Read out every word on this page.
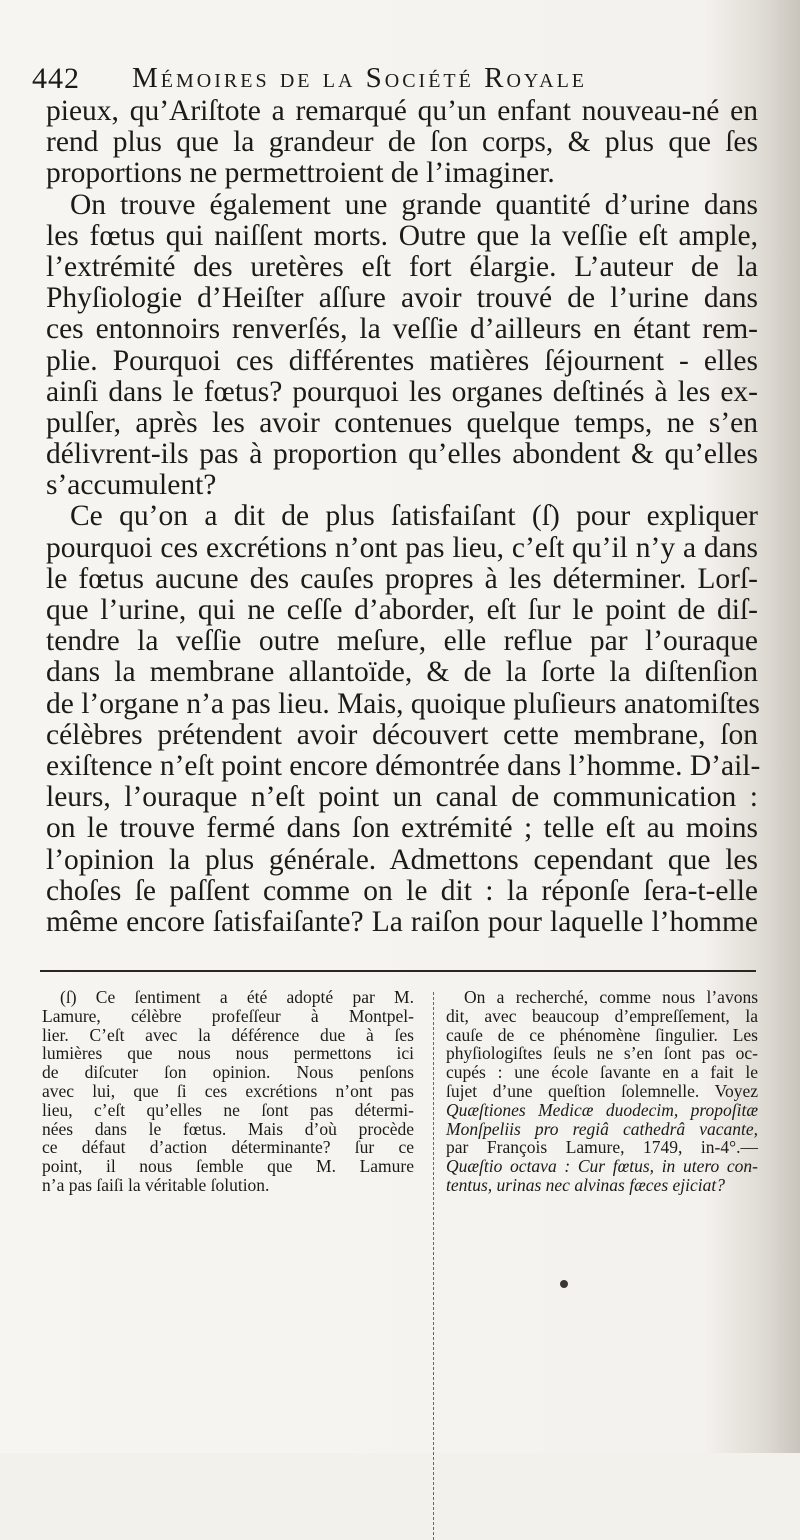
442 Mémoires de la Société Royale
pieux, qu’Ariſtote a remarqué qu’un enfant nouveau-né en
rend plus que la grandeur de ſon corps, & plus que ſes
proportions ne permettroient de l’imaginer.
On trouve également une grande quantité d’urine dans
les fœtus qui naiſſent morts. Outre que la veſſie eſt ample,
l’extrémité des uretères eſt fort élargie. L’auteur de la
Phyſiologie d’Heiſter aſſure avoir trouvé de l’urine dans
ces entonnoirs renverſés, la veſſie d’ailleurs en étant rem-
plie. Pourquoi ces différentes matières ſéjournent - elles
ainſi dans le fœtus? pourquoi les organes deſtinés à les ex-
pulſer, après les avoir contenues quelque temps, ne s’en
délivrent-ils pas à proportion qu’elles abondent & qu’elles
s’accumulent?
Ce qu’on a dit de plus ſatisfaiſant (ſ) pour expliquer
pourquoi ces excrétions n’ont pas lieu, c’eſt qu’il n’y a dans
le fœtus aucune des cauſes propres à les déterminer. Lorſ-
que l’urine, qui ne ceſſe d’aborder, eſt ſur le point de diſ-
tendre la veſſie outre meſure, elle reflue par l’ouraque
dans la membrane allantoïde, & de la ſorte la diſtenſion
de l’organe n’a pas lieu. Mais, quoique pluſieurs anatomiſtes
célèbres prétendent avoir découvert cette membrane, ſon
exiſtence n’eſt point encore démontrée dans l’homme. D’ail-
leurs, l’ouraque n’eſt point un canal de communication :
on le trouve fermé dans ſon extrémité ; telle eſt au moins
l’opinion la plus générale. Admettons cependant que les
choſes ſe paſſent comme on le dit : la réponſe ſera-t-elle
même encore ſatisfaiſante? La raiſon pour laquelle l’homme
(ſ) Ce ſentiment a été adopté par M.
Lamure, célèbre profeſſeur à Montpel-
lier. C’eſt avec la déférence due à ſes
lumières que nous nous permettons ici
de diſcuter ſon opinion. Nous penſons
avec lui, que ſi ces excrétions n’ont pas
lieu, c’eſt qu’elles ne ſont pas détermi-
nées dans le fœtus. Mais d’où procède
ce défaut d’action déterminante? ſur ce
point, il nous ſemble que M. Lamure
n’a pas ſaiſi la véritable ſolution.
On a recherché, comme nous l’avons
dit, avec beaucoup d’empreſſement, la
cauſe de ce phénomène ſingulier. Les
phyſiologiſtes ſeuls ne s’en ſont pas oc-
cupés : une école ſavante en a fait le
ſujet d’une queſtion ſolemnelle. Voyez
Quæſtiones Medicæ duodecim, propoſitæ
Monſpeliis pro regiâ cathedrâ vacante,
par François Lamure, 1749, in-4°.—
Quæſtio octava : Cur fœtus, in utero con-
tentus, urinas nec alvinas fæces ejiciat?
